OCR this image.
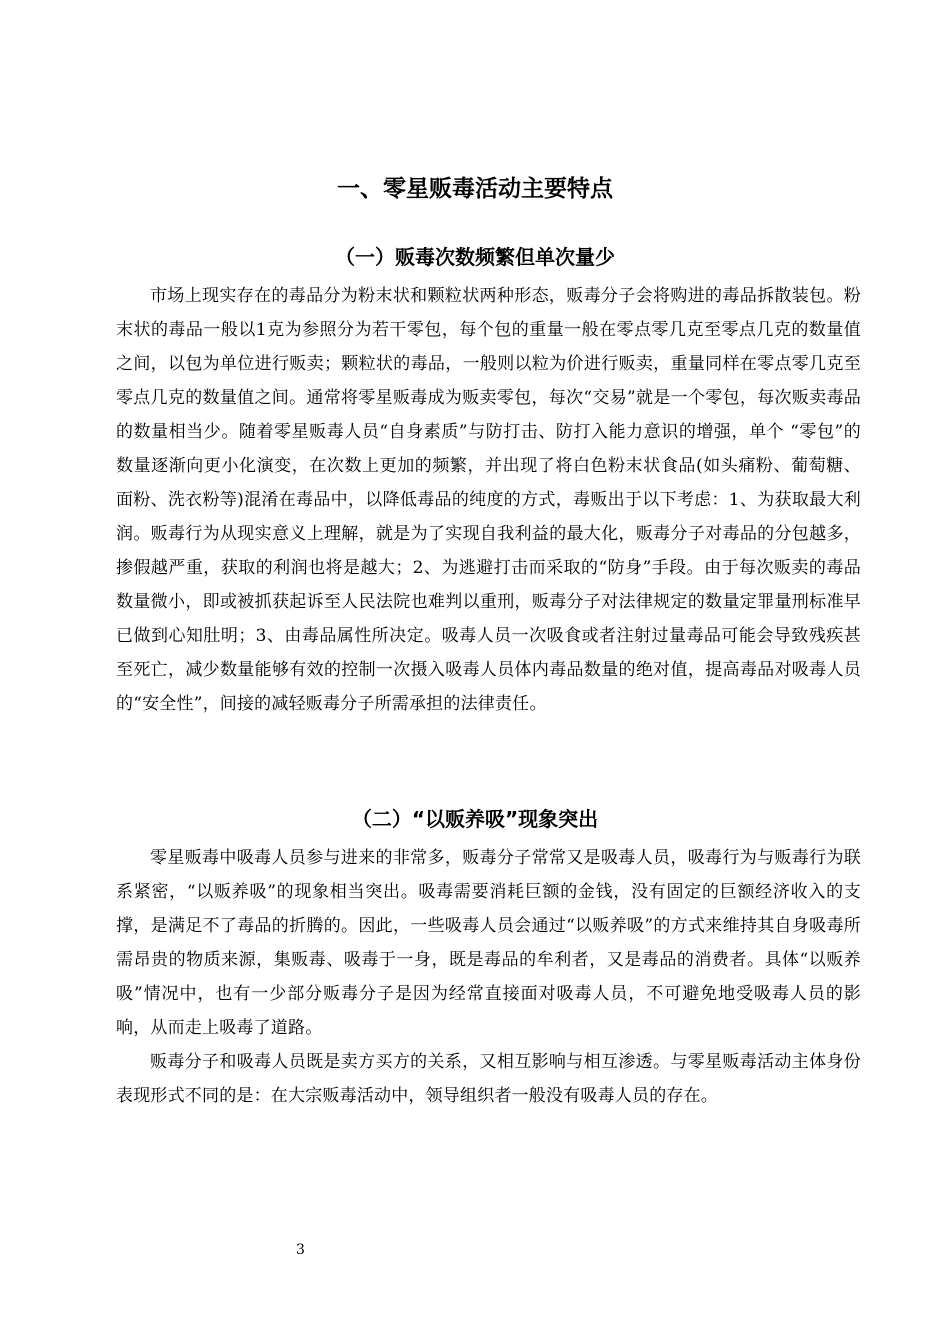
一、零星贩毒活动主要特点
（一）贩毒次数频繁但单次量少

市场上现实存在的毒品分为粉末状和颗粒状两种形态，贩毒分子会将购进的毒品拆散装包。粉末状的毒品一般以1克为参照分为若干零包，每个包的重量一般在零点零几克至零点几克的数量值之间，以包为单位进行贩卖；颗粒状的毒品，一般则以粒为价进行贩卖，重量同样在零点零几克至零点几克的数量值之间。通常将零星贩毒成为贩卖零包，每次“交易”就是一个零包，每次贩卖毒品的数量相当少。随着零星贩毒人员“自身素质”与防打击、防打入能力意识的增强，单个 “零包”的数量逐渐向更小化演变，在次数上更加的频繁，并出现了将白色粉末状食品(如头痛粉、葡萄糖、面粉、洗衣粉等)混淆在毒品中，以降低毒品的纯度的方式，毒贩出于以下考虑：1、为获取最大利润。贩毒行为从现实意义上理解，就是为了实现自我利益的最大化，贩毒分子对毒品的分包越多，掺假越严重，获取的利润也将是越大；2、为逃避打击而采取的“防身”手段。由于每次贩卖的毒品数量微小，即或被抓获起诉至人民法院也难判以重刑，贩毒分子对法律规定的数量定罪量刑标准早已做到心知肚明；3、由毒品属性所决定。吸毒人员一次吸食或者注射过量毒品可能会导致残疾甚至死亡，减少数量能够有效的控制一次摄入吸毒人员体内毒品数量的绝对值，提高毒品对吸毒人员的“安全性”，间接的减轻贩毒分子所需承担的法律责任。

（二）“以贩养吸”现象突出

零星贩毒中吸毒人员参与进来的非常多，贩毒分子常常又是吸毒人员，吸毒行为与贩毒行为联系紧密，“以贩养吸”的现象相当突出。吸毒需要消耗巨额的金钱，没有固定的巨额经济收入的支撑，是满足不了毒品的折腾的。因此，一些吸毒人员会通过“以贩养吸”的方式来维持其自身吸毒所需昂贵的物质来源，集贩毒、吸毒于一身，既是毒品的牟利者，又是毒品的消费者。具体“以贩养吸”情况中，也有一少部分贩毒分子是因为经常直接面对吸毒人员，不可避免地受吸毒人员的影响，从而走上吸毒了道路。

贩毒分子和吸毒人员既是卖方买方的关系，又相互影响与相互渗透。与零星贩毒活动主体身份表现形式不同的是：在大宗贩毒活动中，领导组织者一般没有吸毒人员的存在。

3
